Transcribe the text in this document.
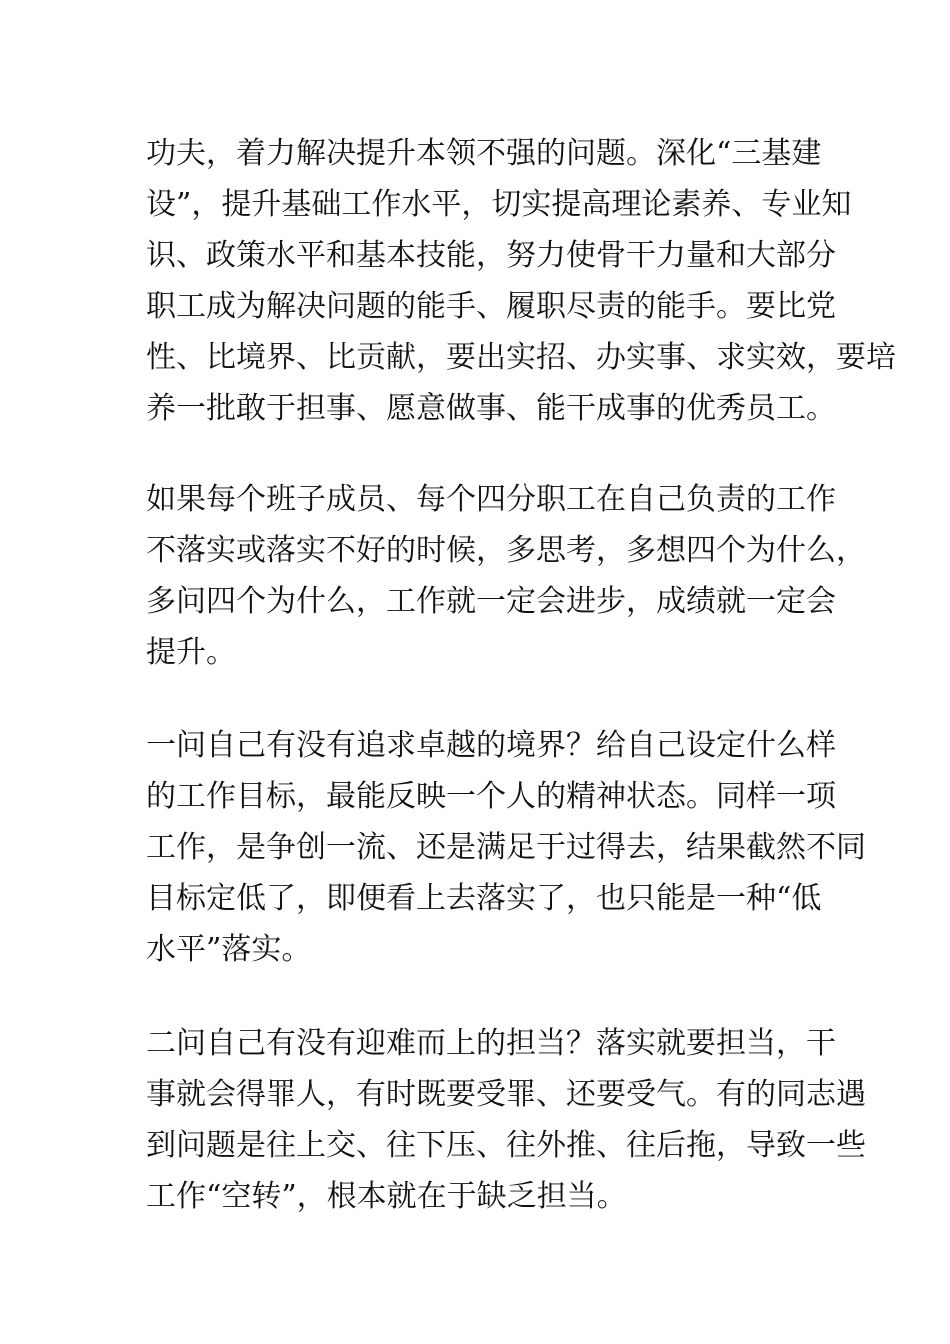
功夫，着力解决提升本领不强的问题。深化“三基建
设”，提升基础工作水平，切实提高理论素养、专业知
识、政策水平和基本技能，努力使骨干力量和大部分
职工成为解决问题的能手、履职尽责的能手。要比党
性、比境界、比贡献，要出实招、办实事、求实效，要培
养一批敢于担事、愿意做事、能干成事的优秀员工。
如果每个班子成员、每个四分职工在自己负责的工作
不落实或落实不好的时候，多思考，多想四个为什么，
多问四个为什么，工作就一定会进步，成绩就一定会
提升。
一问自己有没有追求卓越的境界？给自己设定什么样
的工作目标，最能反映一个人的精神状态。同样一项
工作，是争创一流、还是满足于过得去，结果截然不同
目标定低了，即便看上去落实了，也只能是一种“低
水平”落实。
二问自己有没有迎难而上的担当？落实就要担当，干
事就会得罪人，有时既要受罪、还要受气。有的同志遇
到问题是往上交、往下压、往外推、往后拖，导致一些
工作“空转”，根本就在于缺乏担当。
